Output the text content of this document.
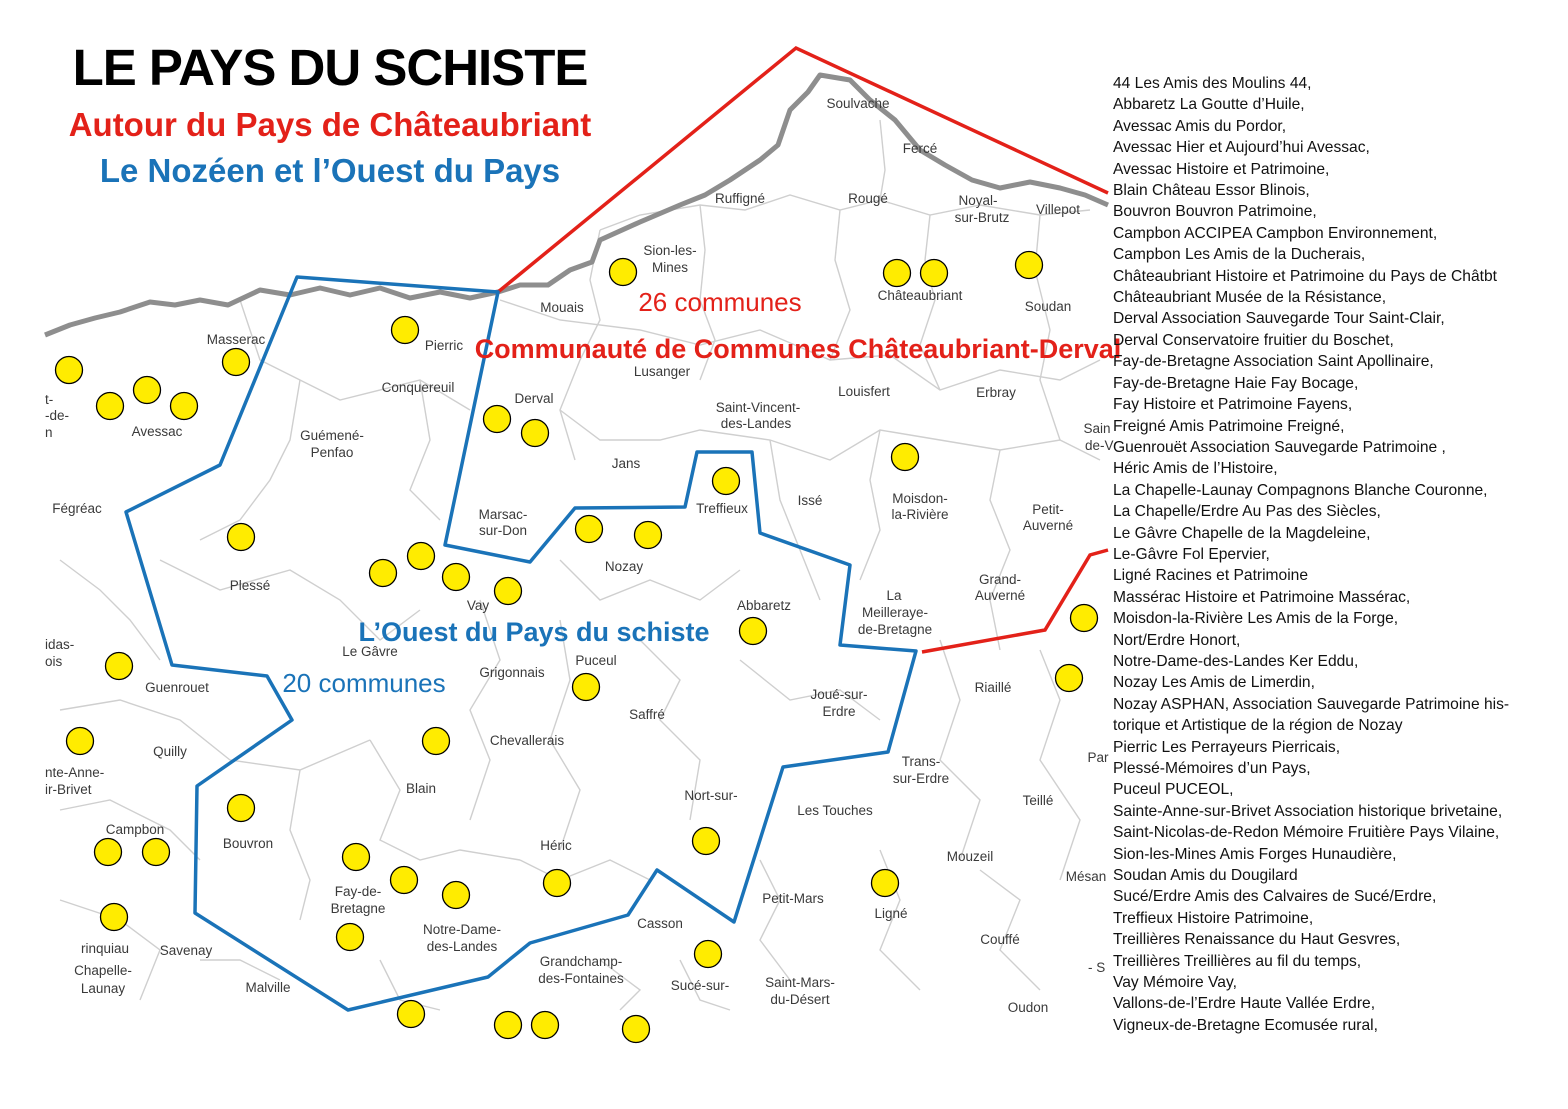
Soulvache
Fercé
Ruffigné	Rougé	Noyal-
sur-Brutz
Villepot
Sion-les-
Mines
Châteaubriant
Soudan
Mouais
Masserac	Pierric
Conquereuil
Lusanger
Louisfert	Erbray
Derval
Guémené-
Penfao
Avessac
Saint-Vincent-
des-Landes
Jans
Issé	Moisdon-
la-Rivière	Petit-
Auverné
Fégréac	Marsac-
sur-Don
Treffieux
Nozay
Plessé
Vay	Abbaretz
La
Meilleraye-
de-Bretagne
Grand-
Auverné
Le Gâvre
Grigonnais
Puceul
Guenrouet
Saffré
Joué-sur-
Erdre
Riaillé
Chevallerais
Quilly
Trans-
sur-Erdre
Blain	Nort-sur-
Les Touches
Teillé
Campbon
Bouvron	Héric
Mouzeil
Fay-de-
Bretagne
Petit-Mars
Ligné
Notre-Dame-
des-Landes
Casson
Couffé
Savenay
Chapelle-
Launay
Grandchamp-
des-Fontaines	Sucé-sur-	Saint-Mars-
du-Désert
Malville
Oudon
Mésan
Par
Sain
rinquiau
t-
-de-
n
idas-
ois
nte-Anne-
ir-Brivet
de-V
- S
26 communes
Communauté de Communes Châteaubriant-Derval
L’Ouest du Pays du schiste
20 communes
LE PAYS DU SCHISTE
Autour du Pays de Châteaubriant
Le Nozéen et l’Ouest du Pays
44 Les Amis des Moulins 44,
Abbaretz La Goutte d’Huile,
Avessac Amis du Pordor,
Avessac Hier et Aujourd’hui Avessac,
Avessac Histoire et Patrimoine,
Blain Château Essor Blinois,
Bouvron Bouvron Patrimoine,
Campbon ACCIPEA Campbon Environnement,
Campbon Les Amis de la Ducherais,
Châteaubriant Histoire et Patrimoine du Pays de Châtbt
Châteaubriant Musée de la Résistance,
Derval Association Sauvegarde Tour Saint-Clair,
Derval Conservatoire fruitier du Boschet,
Fay-de-Bretagne Association Saint Apollinaire,
Fay-de-Bretagne Haie Fay Bocage,
Fay Histoire et Patrimoine Fayens,
Freigné Amis Patrimoine Freigné,
Guenrouët Association Sauvegarde Patrimoine ,
Héric Amis de l’Histoire,
La Chapelle-Launay Compagnons Blanche Couronne,
La Chapelle/Erdre Au Pas des Siècles,
Le Gâvre Chapelle de la Magdeleine,
Le-Gâvre Fol Epervier,
Ligné Racines et Patrimoine
Massérac Histoire et Patrimoine Massérac,
Moisdon-la-Rivière Les Amis de la Forge,
Nort/Erdre Honort,
Notre-Dame-des-Landes Ker Eddu,
Nozay Les Amis de Limerdin,
Nozay ASPHAN, Association Sauvegarde Patrimoine his-
torique et Artistique de la région de Nozay
Pierric Les Perrayeurs Pierricais,
Plessé-Mémoires d’un Pays,
Puceul PUCEOL,
Sainte-Anne-sur-Brivet Association historique brivetaine,
Saint-Nicolas-de-Redon Mémoire Fruitière Pays Vilaine,
Sion-les-Mines Amis Forges Hunaudière,
Soudan Amis du Dougilard
Sucé/Erdre Amis des Calvaires de Sucé/Erdre,
Treffieux Histoire Patrimoine,
Treillières Renaissance du Haut Gesvres,
Treillières Treillières au fil du temps,
Vay Mémoire Vay,
Vallons-de-l’Erdre Haute Vallée Erdre,
Vigneux-de-Bretagne Ecomusée rural,
